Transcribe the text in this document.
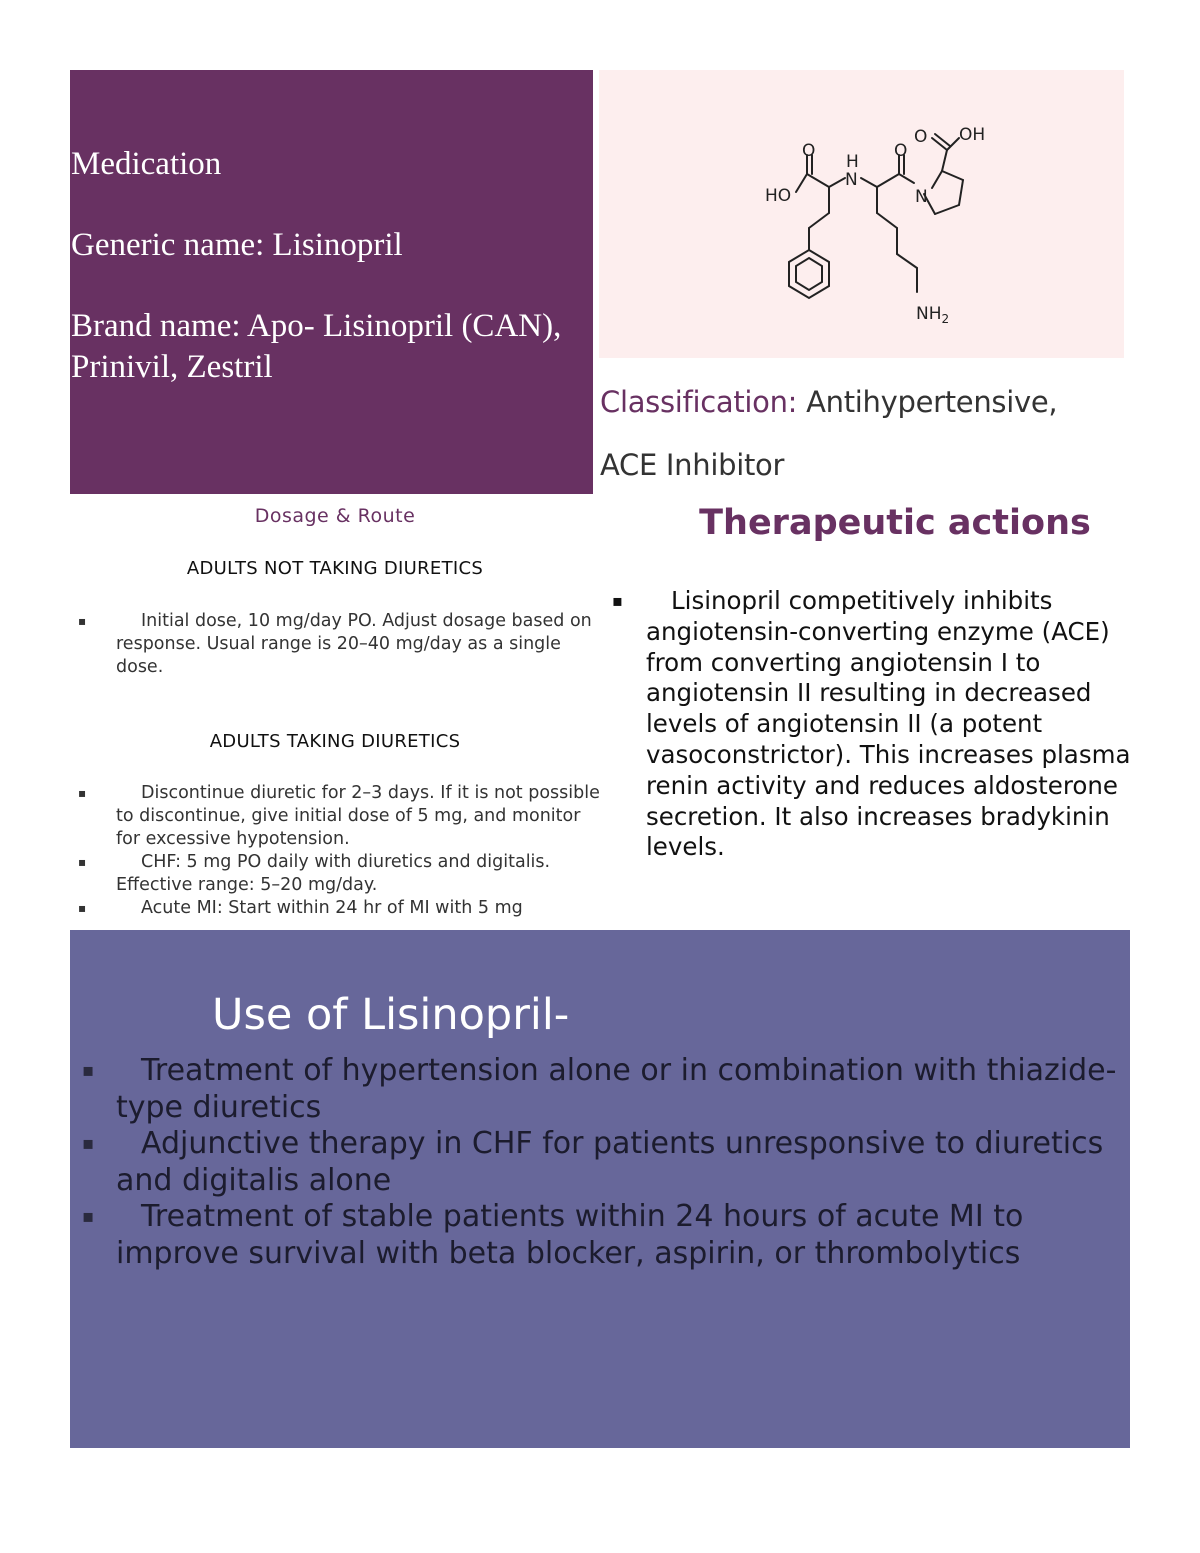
Medication
Generic name: Lisinopril
Brand name: Apo- Lisinopril (CAN),
Prinivil, Zestril
O
HO
H
N
O
N
O OH
$NH_2$
Classification: Antihypertensive,
ACE Inhibitor
Dosage & Route
ADULTS NOT TAKING DIURETICS
▪	Initial dose, 10 mg/day PO. Adjust dosage based on response. Usual range is 20–40 mg/day as a single dose.
ADULTS TAKING DIURETICS
▪	Discontinue diuretic for 2–3 days. If it is not possible to discontinue, give initial dose of 5 mg, and monitor for excessive hypotension.
▪	CHF: 5 mg PO daily with diuretics and digitalis. Effective range: 5–20 mg/day.
▪	Acute MI: Start within 24 hr of MI with 5 mg
Therapeutic actions
▪	Lisinopril competitively inhibits angiotensin-converting enzyme (ACE) from converting angiotensin I to angiotensin II resulting in decreased levels of angiotensin II (a potent vasoconstrictor). This increases plasma renin activity and reduces aldosterone secretion. It also increases bradykinin levels.
Use of Lisinopril-
▪	Treatment of hypertension alone or in combination with thiazide-type diuretics
▪	Adjunctive therapy in CHF for patients unresponsive to diuretics and digitalis alone
▪	Treatment of stable patients within 24 hours of acute MI to improve survival with beta blocker, aspirin, or thrombolytics
